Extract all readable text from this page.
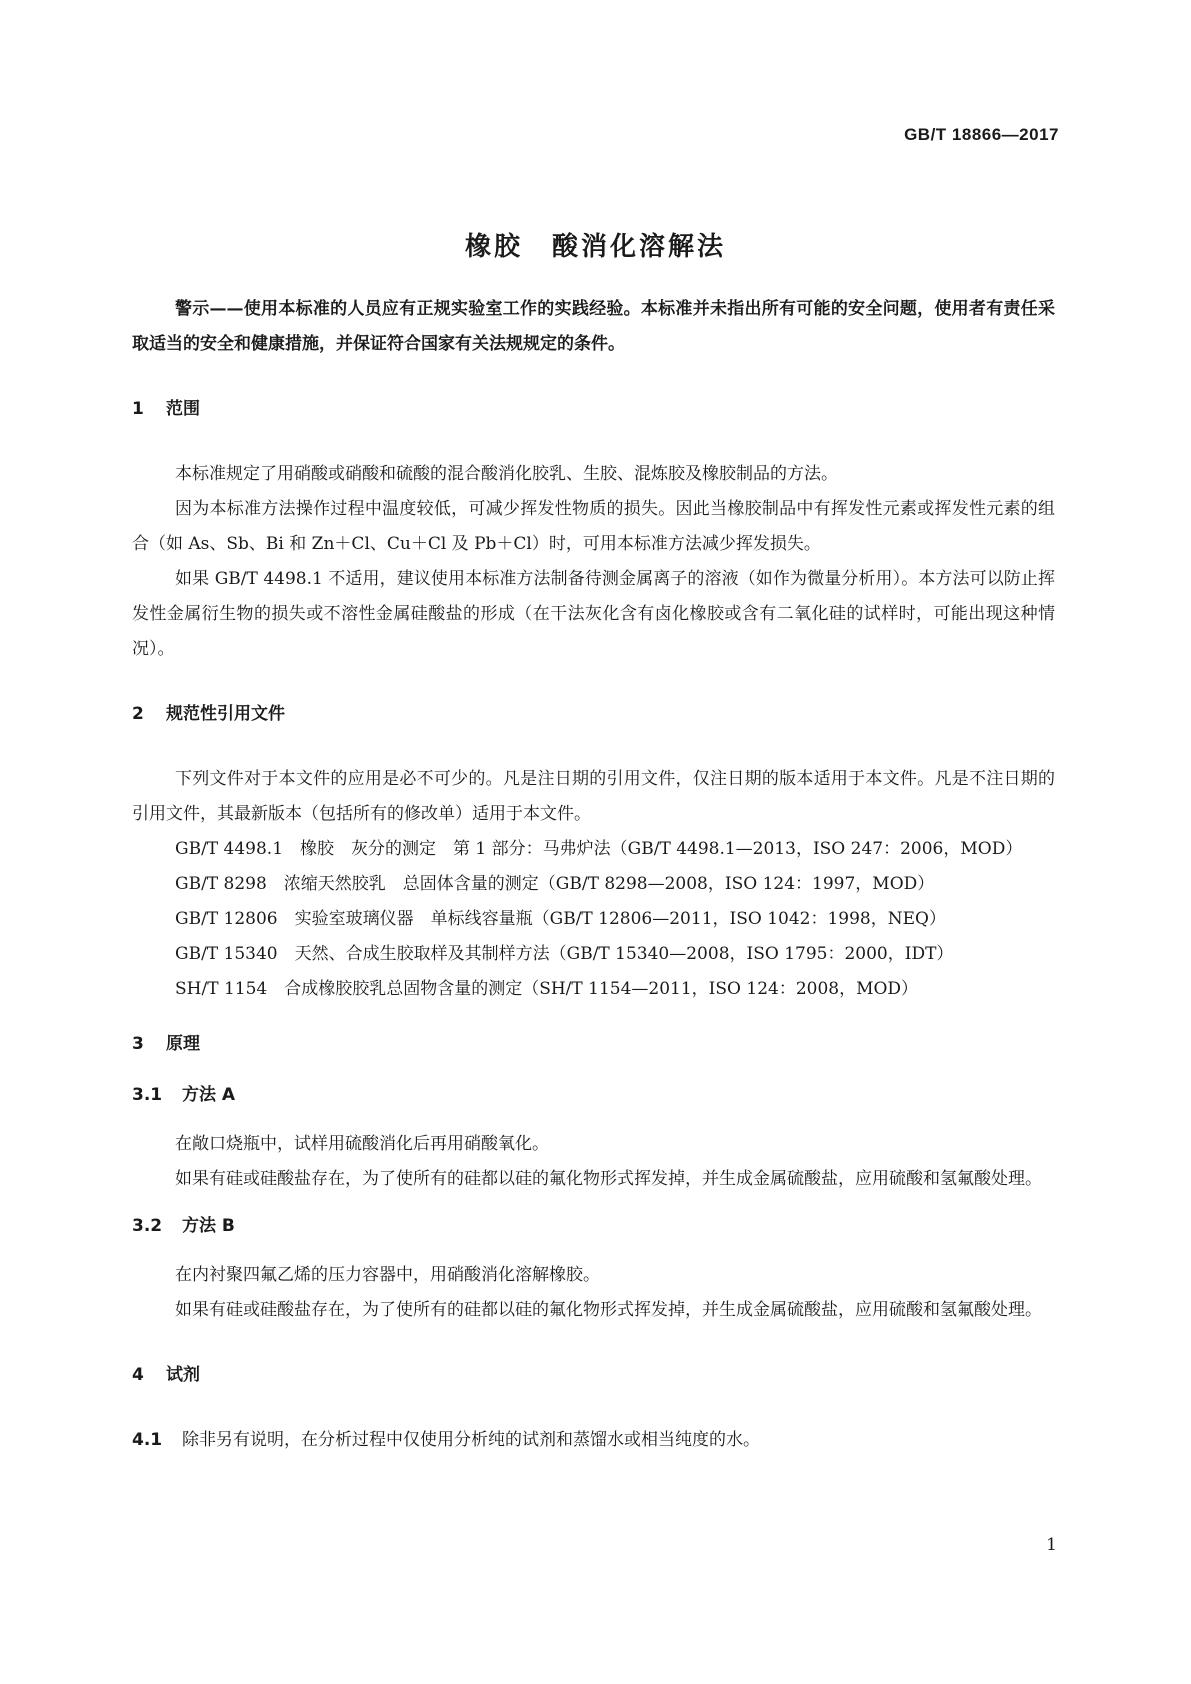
GB/T 18866—2017
橡胶　酸消化溶解法

警示——使用本标准的人员应有正规实验室工作的实践经验。本标准并未指出所有可能的安全问题，使用者有责任采取适当的安全和健康措施，并保证符合国家有关法规规定的条件。

1 范围

本标准规定了用硝酸或硝酸和硫酸的混合酸消化胶乳、生胶、混炼胶及橡胶制品的方法。

因为本标准方法操作过程中温度较低，可减少挥发性物质的损失。因此当橡胶制品中有挥发性元素或挥发性元素的组合（如 As、Sb、Bi 和 Zn＋Cl、Cu＋Cl 及 Pb＋Cl）时，可用本标准方法减少挥发损失。

如果 GB/T 4498.1 不适用，建议使用本标准方法制备待测金属离子的溶液（如作为微量分析用）。本方法可以防止挥发性金属衍生物的损失或不溶性金属硅酸盐的形成（在干法灰化含有卤化橡胶或含有二氧化硅的试样时，可能出现这种情况）。

2 规范性引用文件

下列文件对于本文件的应用是必不可少的。凡是注日期的引用文件，仅注日期的版本适用于本文件。凡是不注日期的引用文件，其最新版本（包括所有的修改单）适用于本文件。

GB/T 4498.1　橡胶　灰分的测定　第 1 部分：马弗炉法（GB/T 4498.1—2013，ISO 247：2006，MOD）

GB/T 8298　浓缩天然胶乳　总固体含量的测定（GB/T 8298—2008，ISO 124：1997，MOD）

GB/T 12806　实验室玻璃仪器　单标线容量瓶（GB/T 12806—2011，ISO 1042：1998，NEQ）

GB/T 15340　天然、合成生胶取样及其制样方法（GB/T 15340—2008，ISO 1795：2000，IDT）

SH/T 1154　合成橡胶胶乳总固物含量的测定（SH/T 1154—2011，ISO 124：2008，MOD）

3 原理
3.1 方法 A

在敞口烧瓶中，试样用硫酸消化后再用硝酸氧化。

如果有硅或硅酸盐存在，为了使所有的硅都以硅的氟化物形式挥发掉，并生成金属硫酸盐，应用硫酸和氢氟酸处理。

3.2 方法 B

在内衬聚四氟乙烯的压力容器中，用硝酸消化溶解橡胶。

如果有硅或硅酸盐存在，为了使所有的硅都以硅的氟化物形式挥发掉，并生成金属硫酸盐，应用硫酸和氢氟酸处理。

4 试剂

4.1 除非另有说明，在分析过程中仅使用分析纯的试剂和蒸馏水或相当纯度的水。

1
